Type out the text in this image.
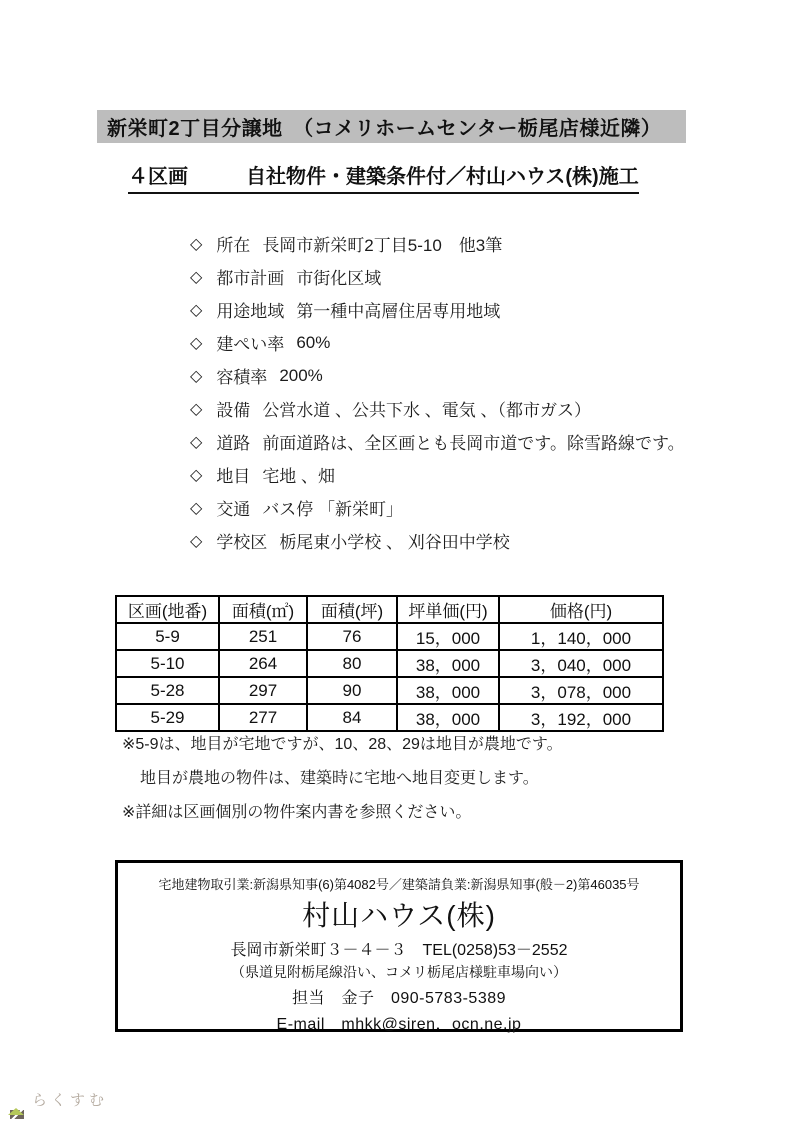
新栄町2丁目分譲地　（コメリホームセンター栃尾店様近隣）
４区画	自社物件・建築条件付／村山ハウス(株)施工
◇ 所在 長岡市新栄町2丁目5-10　他3筆
◇ 都市計画 市街化区域
◇ 用途地域 第一種中高層住居専用地域
◇ 建ぺい率 60%
◇ 容積率 200%
◇ 設備 公営水道 、公共下水 、電気 、（都市ガス）
◇ 道路 前面道路は、全区画とも長岡市道です。除雪路線です。
◇ 地目 宅地 、畑
◇ 交通 バス停 「新栄町」
◇ 学校区 栃尾東小学校 、 刈谷田中学校
区画(地番)	面積(㎡)	面積(坪)	坪単価(円)	価格(円)
5-9	251	76	15，000	1，140，000
5-10	264	80	38，000	3，040，000
5-28	297	90	38，000	3，078，000
5-29	277	84	38，000	3，192，000
※5-9は、地目が宅地ですが、10、28、29は地目が農地です。
地目が農地の物件は、建築時に宅地へ地目変更します。
※詳細は区画個別の物件案内書を参照ください。
宅地建物取引業:新潟県知事(6)第4082号／建築請負業:新潟県知事(般－2)第46035号
村山ハウス(株)
長岡市新栄町３－４－３　TEL(0258)53－2552
（県道見附栃尾線沿い、コメリ栃尾店様駐車場向い）
担当　金子　090-5783-5389
E-mail　mhkk@siren．ocn.ne.jp
らくすむ
